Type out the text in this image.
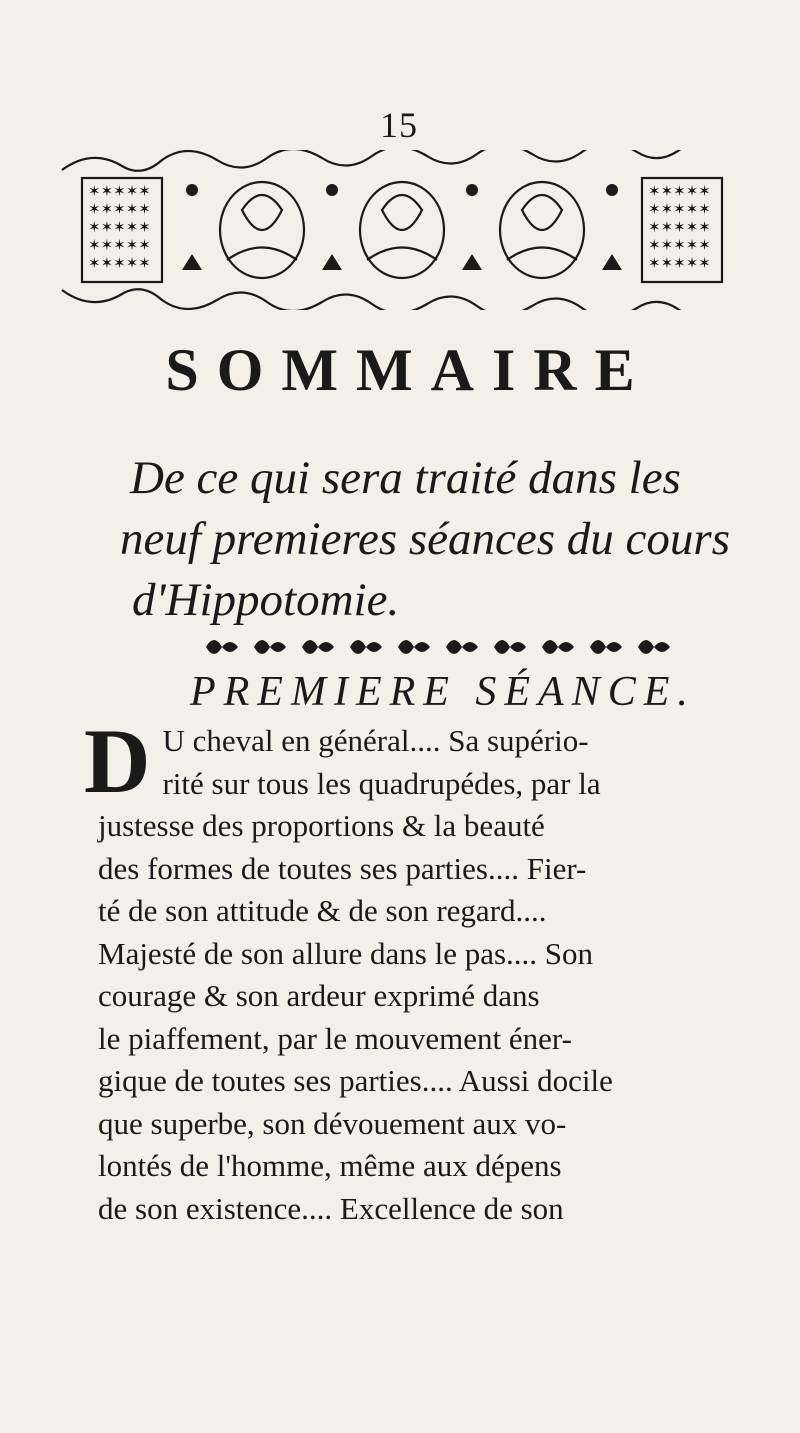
15
✶✶✶✶✶
✶✶✶✶✶
✶✶✶✶✶
✶✶✶✶✶
✶✶✶✶✶
✶✶✶✶✶
✶✶✶✶✶
✶✶✶✶✶
✶✶✶✶✶
✶✶✶✶✶
SOMMAIRE
De ce qui sera traité dans les
neuf premieres séances du cours
d'Hippotomie.
PREMIERE SÉANCE.
D U cheval en général.... Sa supério-
rité sur tous les quadrupédes, par la
justesse des proportions & la beauté
des formes de toutes ses parties.... Fier-
té de son attitude & de son regard....
Majesté de son allure dans le pas.... Son
courage & son ardeur exprimé dans
le piaffement, par le mouvement éner-
gique de toutes ses parties.... Aussi docile
que superbe, son dévouement aux vo-
lontés de l'homme, même aux dépens
de son existence.... Excellence de son
